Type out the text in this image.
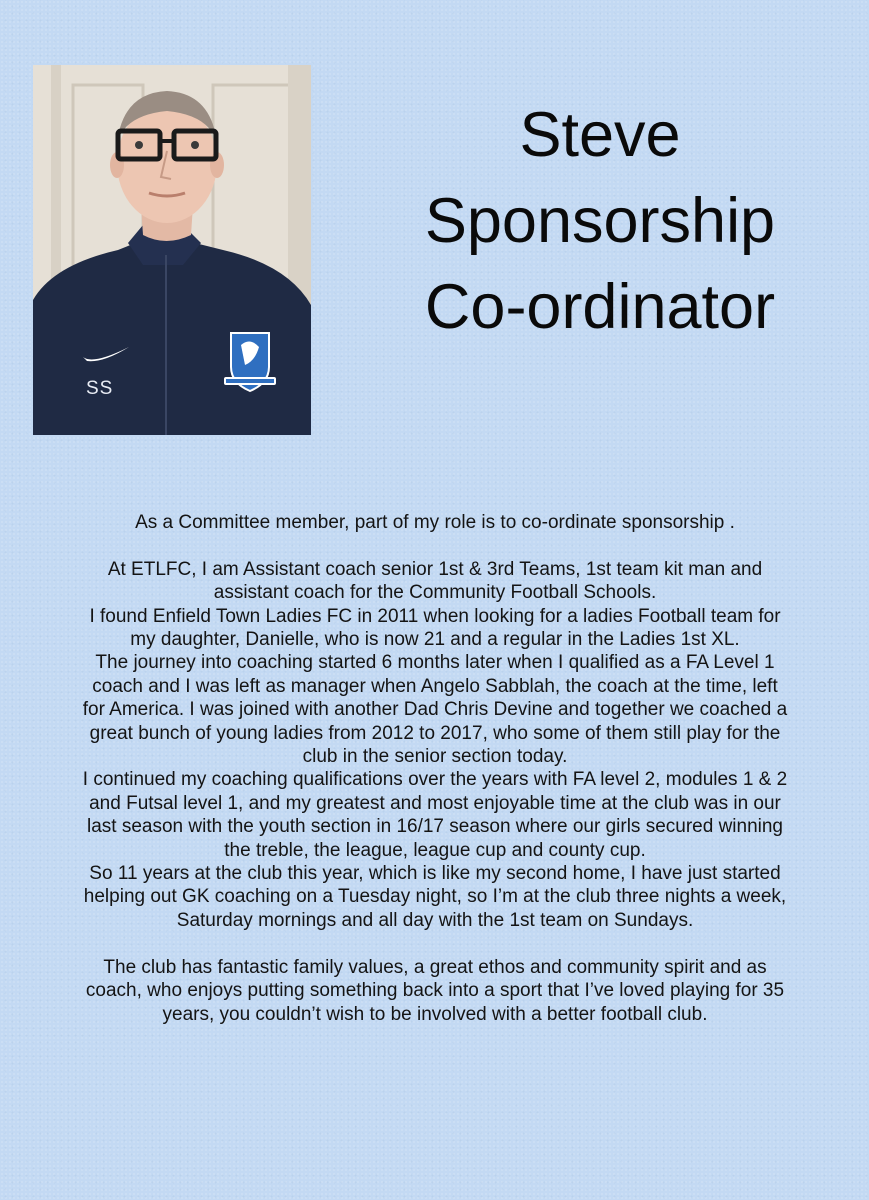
SS
Steve
Sponsorship
Co-ordinator

As a Committee member, part of my role is to co-ordinate sponsorship .

At ETLFC, I am Assistant coach senior 1st & 3rd Teams, 1st team kit man and assistant coach for the Community Football Schools.

I found Enfield Town Ladies FC in 2011 when looking for a ladies Football team for my daughter, Danielle, who is now 21 and a regular in the Ladies 1st XL.

The journey into coaching started 6 months later when I qualified as a FA Level 1 coach and I was left as manager when Angelo Sabblah, the coach at the time, left for America. I was joined with another Dad Chris Devine and together we coached a great bunch of young ladies from 2012 to 2017, who some of them still play for the club in the senior section today.

I continued my coaching qualifications over the years with FA level 2, modules 1 & 2 and Futsal level 1, and my greatest and most enjoyable time at the club was in our last season with the youth section in 16/17 season where our girls secured winning the treble, the league, league cup and county cup.

So 11 years at the club this year, which is like my second home, I have just started helping out GK coaching on a Tuesday night, so I’m at the club three nights a week, Saturday mornings and all day with the 1st team on Sundays.

The club has fantastic family values, a great ethos and community spirit and as coach, who enjoys putting something back into a sport that I’ve loved playing for 35 years, you couldn’t wish to be involved with a better football club.
